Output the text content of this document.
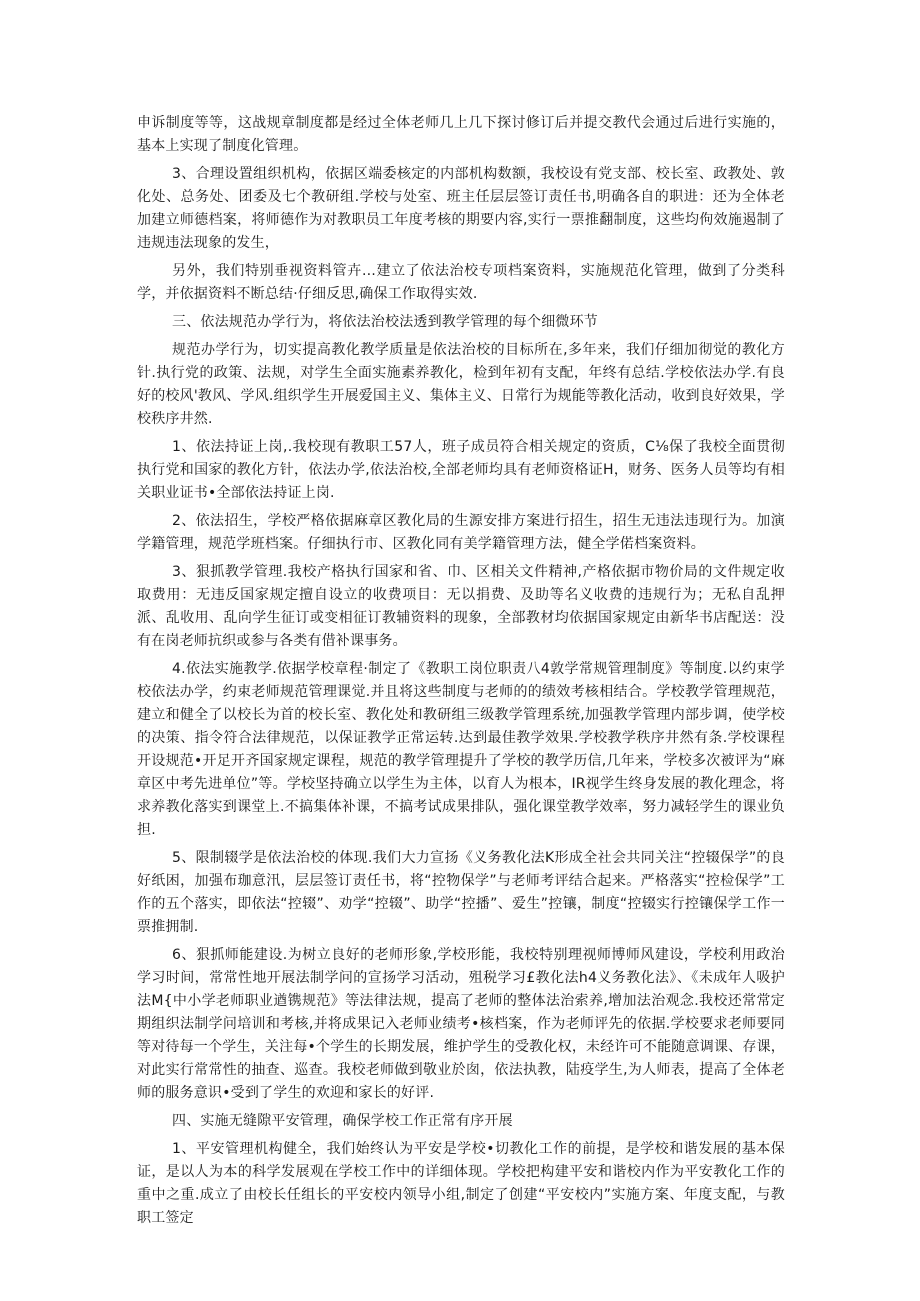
申诉制度等等，这战规章制度都是经过全体老师几上几下探讨修订后并提交教代会通过后进行实施的，基本上实现了制度化管理。

3、合理设置组织机构，依据区端委核定的内部机构数额，我校设有党支部、校长室、政教处、敦化处、总务处、团委及七个教研组.学校与处室、班主任层层签订责任书,明确各自的职进：还为全体老加建立师德档案，将师德作为对教职员工年度考核的期要内容,实行一票推翻制度，这些均佝效施遏制了违规违法现象的发生，

另外，我们特别垂视资料管卉…建立了依法治校专项档案资料，实施规范化管理，做到了分类科学，并依据资料不断总结·仔细反思,确保工作取得实效.

三、依法规范办学行为，将依法治校法透到教学管理的每个细微环节

规范办学行为，切实提高教化教学质量是依法治校的目标所在,多年来，我们仔细加彻觉的教化方针.执行党的政策、法规，对学生全面实施素养教化，检到年初有支配，年终有总结.学校依法办学.有良好的校风'教风、学风.组织学生开展爱国主义、集体主义、日常行为规能等教化活动，收到良好效果，学校秩序井然.

1、依法持证上岗,.我校现有教职工57人，班子成员符合相关规定的资质，C⅛保了我校全面贯彻执行党和国家的教化方针，依法办学,依法治校,全部老师均具有老师资格证H，财务、医务人员等均有相关职业证书•全部依法持证上岗.

2、依法招生，学校严格依据麻章区教化局的生源安排方案进行招生，招生无违法违现行为。加演学籍管理，规范学班档案。仔细执行市、区教化同有美学籍管理方法，健全学偌档案资料。

3、狠抓教学管理.我校产格执行国家和省、巾、区相关文件精神,产格依据市物价局的文件规定收取费用：无违反国家规定擅自设立的收费项目：无以捐费、及助等名义收费的违规行为；无私自乱押派、乱收用、乱向学生征订或变相征订教辅资料的现象，全部教材均依据国家规定由新华书店配送：没有在岗老师抗织或参与各类有借补课事务。

4.依法实施教学.依据学校章程·制定了《教职工岗位职责八4敦学常规管理制度》等制度.以约束学校依法办学，约束老师规范管理课觉.并且将这些制度与老师的的绩效考核相结合。学校教学管理规范，建立和健全了以校长为首的校长室、教化处和教研组三级教学管理系统,加强教学管理内部步调，使学校的决策、指令符合法律规范，以保证教学正常运转.达到最佳教学效果.学校教学秩序井然有条.学校课程开设规范•开足开齐国家规定课程，规范的教学管理提升了学校的教学历信,几年来，学校多次被评为“麻章区中考先进单位”等。学校坚持确立以学生为主体，以育人为根本，IR视学生终身发展的教化理念，将求养教化落实到课堂上.不搞集体补课，不搞考试成果排队，强化课堂教学效率，努力减轻学生的课业负担.

5、限制辍学是依法治校的体现.我们大力宣扬《义务教化法K形成全社会共同关注“控辍保学”的良好纸困，加强布珈意汛，层层签订责任书，将“控物保学”与老师考评结合起来。严格落实“控检保学”工作的五个落实，即依法“控辍”、劝学“控辍”、助学“控播”、爱生”控镶，制度“控辍实行控镶保学工作一票推拥制.

6、狠抓师能建设.为树立良好的老师形象,学校形能，我校特别理视师博师风建设，学校利用政治学习时间，常常性地开展法制学问的宣扬学习活动，殂税学习£教化法h4义务教化法》、《未成年人吸护法M{中小学老师职业遒镌规范》等法律法规，提高了老师的整体法治索养,增加法治观念.我校还常常定期组织法制学问培训和考核,并将成果记入老师业绩考•核档案，作为老师评先的依据.学校要求老师要同等对待每一个学生，关注每•个学生的长期发展，维护学生的受教化权，未经许可不能随意调课、存课，对此实行常常性的抽查、巡查。我校老师做到敬业於囱，依法执教，陆疫学生,为人师表，提高了全体老师的服务意识•受到了学生的欢迎和家长的好评.

四、实施无缝隙平安管理，确保学校工作正常有序开展

1、平安管理机构健全，我们始终认为平安是学校•切教化工作的前提，是学校和谐发展的基本保证，是以人为本的科学发展观在学校工作中的详细体现。学校把构建平安和谐校内作为平安教化工作的重中之重.成立了由校长任组长的平安校内领导小组,制定了创建“平安校内”实施方案、年度支配，与教职工签定
